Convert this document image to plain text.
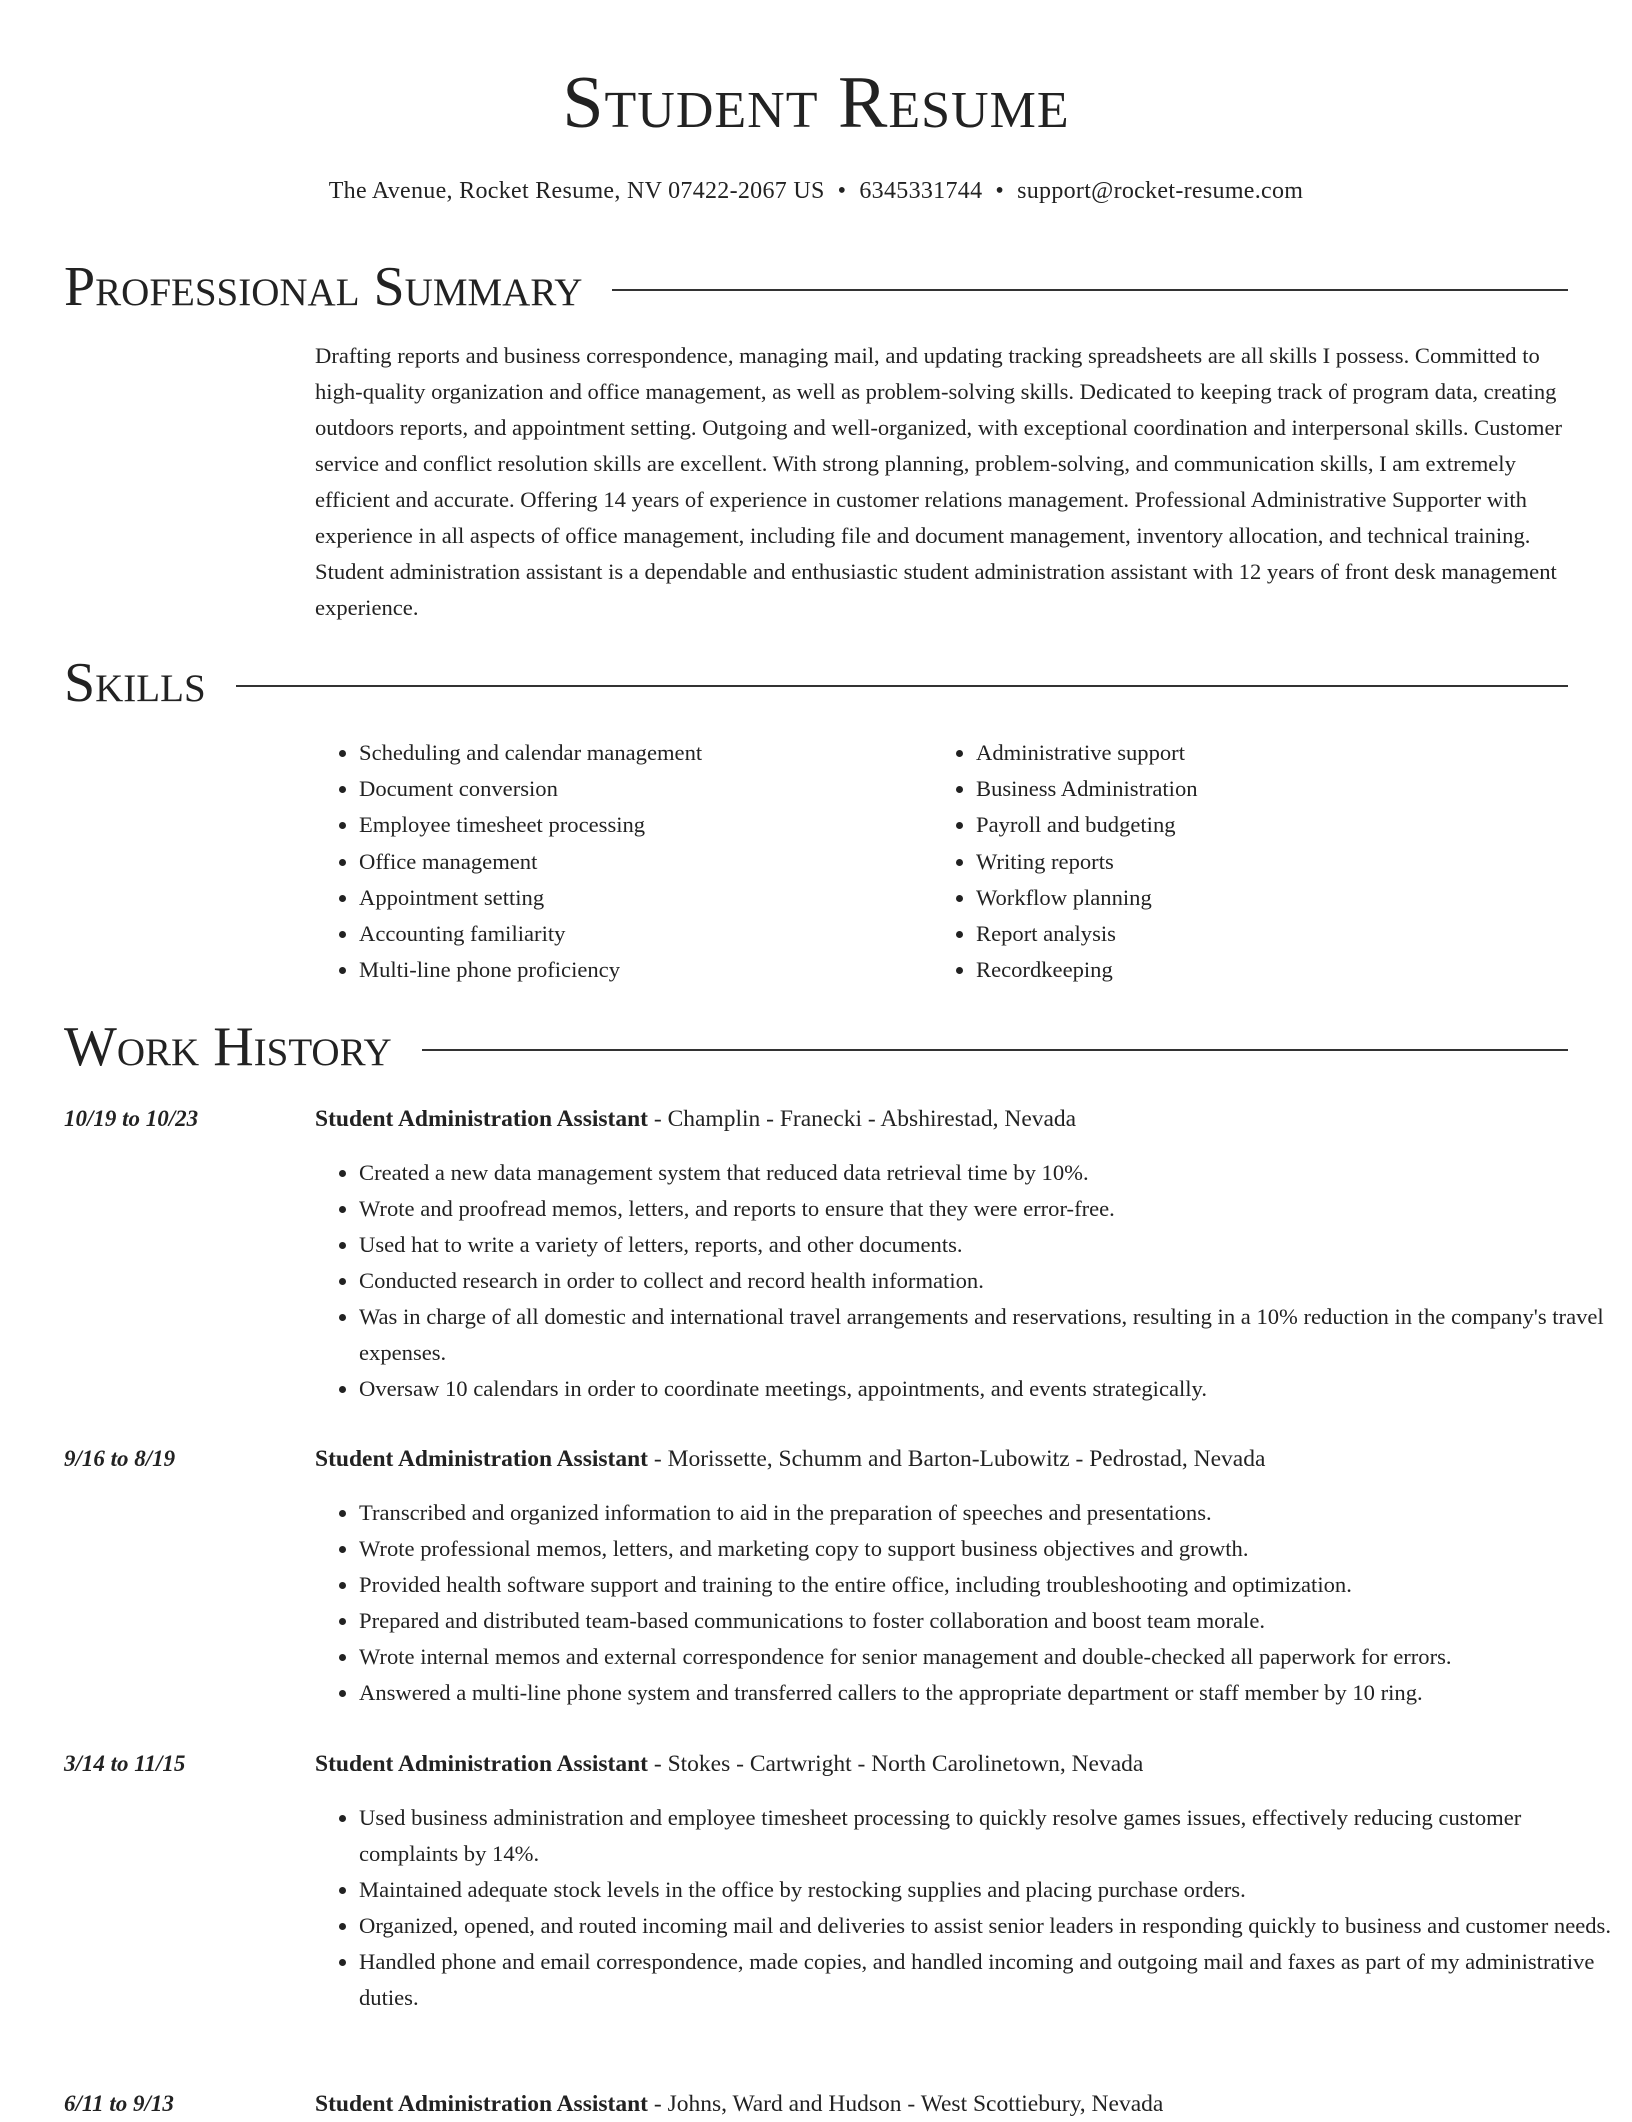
Student Resume
The Avenue, Rocket Resume, NV 07422-2067 US • 6345331744 • support@rocket-resume.com
Professional Summary

Drafting reports and business correspondence, managing mail, and updating tracking spreadsheets are all skills I possess. Committed to high-quality organization and office management, as well as problem-solving skills. Dedicated to keeping track of program data, creating outdoors reports, and appointment setting. Outgoing and well-organized, with exceptional coordination and interpersonal skills. Customer service and conflict resolution skills are excellent. With strong planning, problem-solving, and communication skills, I am extremely efficient and accurate. Offering 14 years of experience in customer relations management. Professional Administrative Supporter with experience in all aspects of office management, including file and document management, inventory allocation, and technical training. Student administration assistant is a dependable and enthusiastic student administration assistant with 12 years of front desk management experience.

Skills
• Scheduling and calendar management
• Document conversion
• Employee timesheet processing
• Office management
• Appointment setting
• Accounting familiarity
• Multi-line phone proficiency
• Administrative support
• Business Administration
• Payroll and budgeting
• Writing reports
• Workflow planning
• Report analysis
• Recordkeeping
Work History
10/19 to 10/23	Student Administration Assistant - Champlin - Franecki - Abshirestad, Nevada
• Created a new data management system that reduced data retrieval time by 10%.
• Wrote and proofread memos, letters, and reports to ensure that they were error-free.
• Used hat to write a variety of letters, reports, and other documents.
• Conducted research in order to collect and record health information.
• Was in charge of all domestic and international travel arrangements and reservations, resulting in a 10% reduction in the company's travel expenses.
• Oversaw 10 calendars in order to coordinate meetings, appointments, and events strategically.
9/16 to 8/19	Student Administration Assistant - Morissette, Schumm and Barton-Lubowitz - Pedrostad, Nevada
• Transcribed and organized information to aid in the preparation of speeches and presentations.
• Wrote professional memos, letters, and marketing copy to support business objectives and growth.
• Provided health software support and training to the entire office, including troubleshooting and optimization.
• Prepared and distributed team-based communications to foster collaboration and boost team morale.
• Wrote internal memos and external correspondence for senior management and double-checked all paperwork for errors.
• Answered a multi-line phone system and transferred callers to the appropriate department or staff member by 10 ring.
3/14 to 11/15	Student Administration Assistant - Stokes - Cartwright - North Carolinetown, Nevada
• Used business administration and employee timesheet processing to quickly resolve games issues, effectively reducing customer complaints by 14%.
• Maintained adequate stock levels in the office by restocking supplies and placing purchase orders.
• Organized, opened, and routed incoming mail and deliveries to assist senior leaders in responding quickly to business and customer needs.
• Handled phone and email correspondence, made copies, and handled incoming and outgoing mail and faxes as part of my administrative duties.
6/11 to 9/13	Student Administration Assistant - Johns, Ward and Hudson - West Scottiebury, Nevada
